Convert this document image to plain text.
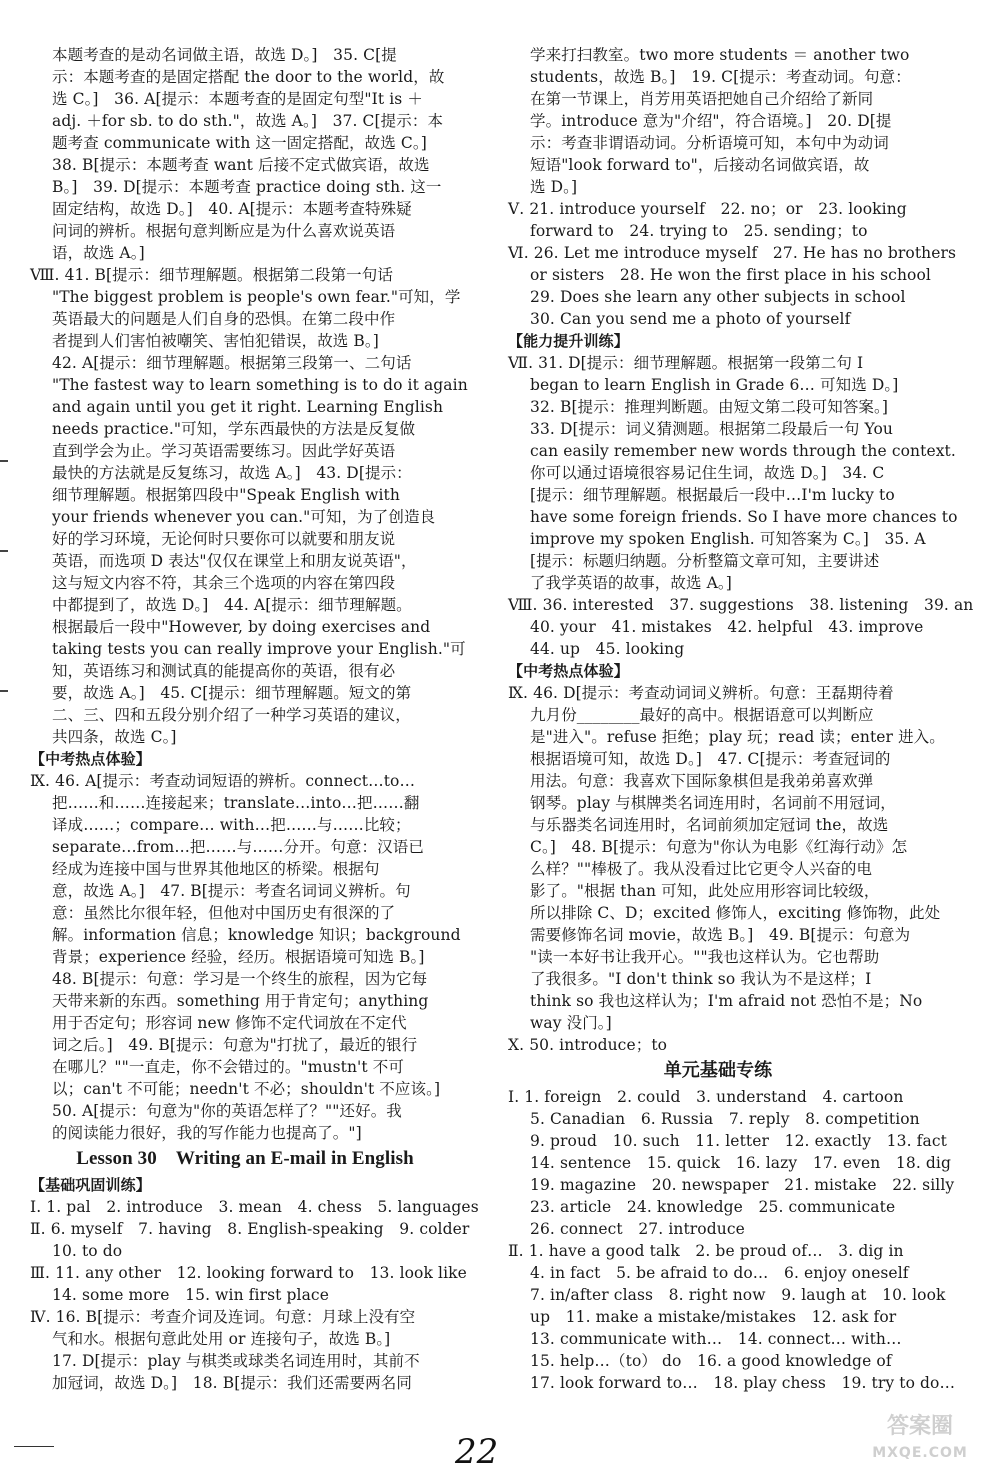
本题考查的是动名词做主语，故选 D。]　35. C[提
示：本题考查的是固定搭配 the door to the world，故
选 C。]　36. A[提示：本题考查的是固定句型"It is ＋
adj. ＋for sb. to do sth."，故选 A。]　37. C[提示：本
题考查 communicate with 这一固定搭配，故选 C。]
38. B[提示：本题考查 want 后接不定式做宾语，故选
B。]　39. D[提示：本题考查 practice doing sth. 这一
固定结构，故选 D。]　40. A[提示：本题考查特殊疑
问词的辨析。根据句意判断应是为什么喜欢说英语
语，故选 A。]
Ⅷ. 41. B[提示：细节理解题。根据第二段第一句话
"The biggest problem is people's own fear."可知，学
英语最大的问题是人们自身的恐惧。在第二段中作
者提到人们害怕被嘲笑、害怕犯错误，故选 B。]
42. A[提示：细节理解题。根据第三段第一、二句话
"The fastest way to learn something is to do it again
and again until you get it right. Learning English
needs practice."可知，学东西最快的方法是反复做
直到学会为止。学习英语需要练习。因此学好英语
最快的方法就是反复练习，故选 A。]　43. D[提示：
细节理解题。根据第四段中"Speak English with
your friends whenever you can."可知，为了创造良
好的学习环境，无论何时只要你可以就要和朋友说
英语，而选项 D 表达"仅仅在课堂上和朋友说英语"，
这与短文内容不符，其余三个选项的内容在第四段
中都提到了，故选 D。]　44. A[提示：细节理解题。
根据最后一段中"However, by doing exercises and
taking tests you can really improve your English."可
知，英语练习和测试真的能提高你的英语，很有必
要，故选 A。]　45. C[提示：细节理解题。短文的第
二、三、四和五段分别介绍了一种学习英语的建议，
共四条，故选 C。]
【中考热点体验】
Ⅸ. 46. A[提示：考查动词短语的辨析。connect…to…
把……和……连接起来；translate…into…把……翻
译成……；compare… with…把……与……比较；
separate…from…把……与……分开。句意：汉语已
经成为连接中国与世界其他地区的桥梁。根据句
意，故选 A。]　47. B[提示：考查名词词义辨析。句
意：虽然比尔很年轻，但他对中国历史有很深的了
解。information 信息；knowledge 知识；background
背景；experience 经验，经历。根据语境可知选 B。]
48. B[提示：句意：学习是一个终生的旅程，因为它每
天带来新的东西。something 用于肯定句；anything
用于否定句；形容词 new 修饰不定代词放在不定代
词之后。]　49. B[提示：句意为"打扰了，最近的银行
在哪儿？""一直走，你不会错过的。"mustn't 不可
以；can't 不可能；needn't 不必；shouldn't 不应该。]
50. A[提示：句意为"你的英语怎样了？""还好。我
的阅读能力很好，我的写作能力也提高了。"]
Lesson 30　Writing an E-mail in English
【基础巩固训练】
Ⅰ. 1. pal　2. introduce　3. mean　4. chess　5. languages
Ⅱ. 6. myself　7. having　8. English-speaking　9. colder
10. to do
Ⅲ. 11. any other　12. looking forward to　13. look like
14. some more　15. win first place
Ⅳ. 16. B[提示：考查介词及连词。句意：月球上没有空
气和水。根据句意此处用 or 连接句子，故选 B。]
17. D[提示：play 与棋类或球类名词连用时，其前不
加冠词，故选 D。]　18. B[提示：我们还需要两名同
学来打扫教室。two more students ＝ another two
students，故选 B。]　19. C[提示：考查动词。句意：
在第一节课上，肖芳用英语把她自己介绍给了新同
学。introduce 意为"介绍"，符合语境。]　20. D[提
示：考查非谓语动词。分析语境可知，本句中为动词
短语"look forward to"，后接动名词做宾语，故
选 D。]
Ⅴ. 21. introduce yourself　22. no；or　23. looking
forward to　24. trying to　25. sending；to
Ⅵ. 26. Let me introduce myself　27. He has no brothers
or sisters　28. He won the first place in his school
29. Does she learn any other subjects in school
30. Can you send me a photo of yourself
【能力提升训练】
Ⅶ. 31. D[提示：细节理解题。根据第一段第二句 I
began to learn English in Grade 6… 可知选 D。]
32. B[提示：推理判断题。由短文第二段可知答案。]
33. D[提示：词义猜测题。根据第二段最后一句 You
can easily remember new words through the context.
你可以通过语境很容易记住生词，故选 D。]　34. C
[提示：细节理解题。根据最后一段中…I'm lucky to
have some foreign friends. So I have more chances to
improve my spoken English. 可知答案为 C。]　35. A
[提示：标题归纳题。分析整篇文章可知，主要讲述
了我学英语的故事，故选 A。]
Ⅷ. 36. interested　37. suggestions　38. listening　39. an
40. your　41. mistakes　42. helpful　43. improve
44. up　45. looking
【中考热点体验】
Ⅸ. 46. D[提示：考查动词词义辨析。句意：王磊期待着
九月份________最好的高中。根据语意可以判断应
是"进入"。refuse 拒绝；play 玩；read 读；enter 进入。
根据语境可知，故选 D。]　47. C[提示：考查冠词的
用法。句意：我喜欢下国际象棋但是我弟弟喜欢弹
钢琴。play 与棋牌类名词连用时，名词前不用冠词，
与乐器类名词连用时，名词前须加定冠词 the，故选
C。]　48. B[提示：句意为"你认为电影《红海行动》怎
么样？""棒极了。我从没看过比它更令人兴奋的电
影了。"根据 than 可知，此处应用形容词比较级，
所以排除 C、D；excited 修饰人，exciting 修饰物，此处
需要修饰名词 movie，故选 B。]　49. B[提示：句意为
"读一本好书让我开心。""我也这样认为。它也帮助
了我很多。"I don't think so 我认为不是这样；I
think so 我也这样认为；I'm afraid not 恐怕不是；No
way 没门。]
Ⅹ. 50. introduce；to
单元基础专练
Ⅰ. 1. foreign　2. could　3. understand　4. cartoon
5. Canadian　6. Russia　7. reply　8. competition
9. proud　10. such　11. letter　12. exactly　13. fact
14. sentence　15. quick　16. lazy　17. even　18. dig
19. magazine　20. newspaper　21. mistake　22. silly
23. article　24. knowledge　25. communicate
26. connect　27. introduce
Ⅱ. 1. have a good talk　2. be proud of…　3. dig in
4. in fact　5. be afraid to do…　6. enjoy oneself
7. in/after class　8. right now　9. laugh at　10. look
up　11. make a mistake/mistakes　12. ask for
13. communicate with…　14. connect… with…
15. help…（to） do　16. a good knowledge of
17. look forward to…　18. play chess　19. try to do…
22
答案圈
MXQE.COM
